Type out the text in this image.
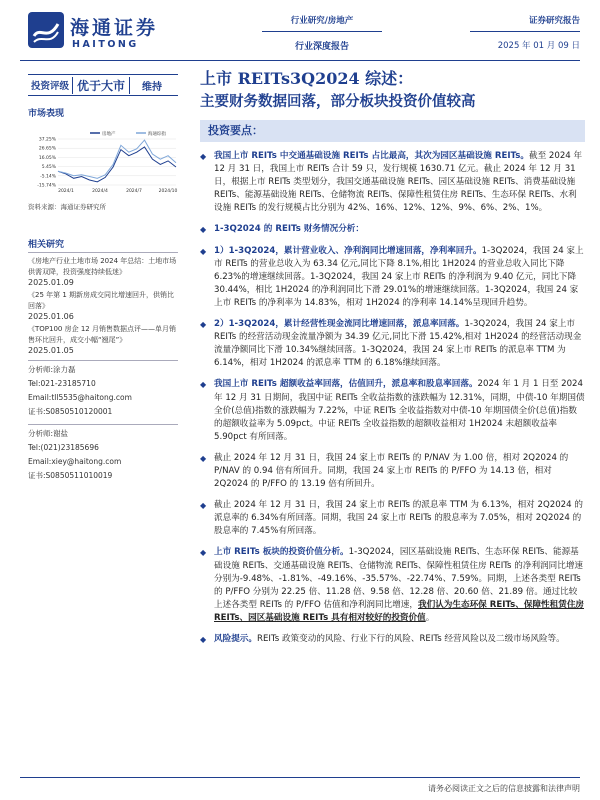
海通证券
HAITONG
行业研究/房地产
行业深度报告
证券研究报告
2025 年 01 月 09 日
投资评级 优于大市	维持
市场表现
房地产	海通综指
37.25%
26.65%
16.05%
5.45%
-5.14%
-15.74%
2024/1	2024/4	2024/7	2024/10
资料来源：海通证券研究所
相关研究
《房地产行业土地市场 2024 年总结：土地市场供需双降，投资强度持续低迷》
2025.01.09
《25 年第 1 期新房成交同比增速回升，供销比回落》
2025.01.06
《TOP100 房企 12 月销售数据点评——单月销售环比回升，成交小幅“翘尾”》
2025.01.05
分析师:涂力磊
Tel:021-23185710
Email:tll5535@haitong.com
证书:S0850510120001
分析师:谢盐
Tel:(021)23185696
Email:xiey@haitong.com
证书:S0850511010019
上市 REITs3Q2024 综述：
主要财务数据回落，部分板块投资价值较高
投资要点：
◆ 我国上市 REITs 中交通基础设施 REITs 占比最高，其次为园区基础设施 REITs。截至 2024 年 12 月 31 日，我国上市 REITs 合计 59 只，发行规模 1630.71 亿元。截止 2024 年 12 月 31 日，根据上市 REITs 类型划分，我国交通基础设施 REITs、园区基础设施 REITs、消费基础设施 REITs、能源基础设施 REITs、仓储物流 REITs、保障性租赁住房 REITs、生态环保 REITs、水利设施 REITs 的发行规模占比分别为 42%、16%、12%、12%、9%、6%、2%、1%。
◆ 1-3Q2024 的 REITs 财务情况分析：
◆ 1）1-3Q2024，累计营业收入、净利润同比增速回落，净利率回升。1-3Q2024，我国 24 家上市 REITs 的营业总收入为 63.34 亿元,同比下降 8.1%,相比 1H2024 的营业总收入同比下降 6.23%的增速继续回落。1-3Q2024，我国 24 家上市 REITs 的净利润为 9.40 亿元，同比下降 30.44%，相比 1H2024 的净利润同比下滑 29.01%的增速继续回落。1-3Q2024，我国 24 家上市 REITs 的净利率为 14.83%，相对 1H2024 的净利率 14.14%呈现回升趋势。
◆ 2）1-3Q2024，累计经营性现金流同比增速回落，派息率回落。1-3Q2024，我国 24 家上市 REITs 的经营活动现金流量净额为 34.39 亿元,同比下滑 15.42%,相对 1H2024 的经营活动现金流量净额同比下滑 10.34%继续回落。1-3Q2024，我国 24 家上市 REITs 的派息率 TTM 为 6.14%，相对 1H2024 的派息率 TTM 的 6.18%继续回落。
◆ 我国上市 REITs 超额收益率回落，估值回升，派息率和股息率回落。2024 年 1 月 1 日至 2024 年 12 月 31 日期间，我国中证 REITs 全收益指数的涨跌幅为 12.31%，同期，中债-10 年期国债全价(总值)指数的涨跌幅为 7.22%，中证 REITs 全收益指数对中债-10 年期国债全价(总值)指数的超额收益率为 5.09pct。中证 REITs 全收益指数的超额收益相对 1H2024 末超额收益率 5.90pct 有所回落。
◆ 截止 2024 年 12 月 31 日，我国 24 家上市 REITs 的 P/NAV 为 1.00 倍，相对 2Q2024 的 P/NAV 的 0.94 倍有所回升。同期，我国 24 家上市 REITs 的 P/FFO 为 14.13 倍，相对 2Q2024 的 P/FFO 的 13.19 倍有所回升。
◆ 截止 2024 年 12 月 31 日，我国 24 家上市 REITs 的派息率 TTM 为 6.13%，相对 2Q2024 的派息率的 6.34%有所回落。同期，我国 24 家上市 REITs 的股息率为 7.05%，相对 2Q2024 的股息率的 7.45%有所回落。
◆ 上市 REITs 板块的投资价值分析。1-3Q2024，园区基础设施 REITs、生态环保 REITs、能源基础设施 REITs、交通基础设施 REITs、仓储物流 REITs、保障性租赁住房 REITs 的净利润同比增速分别为-9.48%、-1.81%、-49.16%、-35.57%、-22.74%、7.59%。同期，上述各类型 REITs 的 P/FFO 分别为 22.25 倍、11.28 倍、9.58 倍、12.28 倍、20.60 倍、21.89 倍。通过比较上述各类型 REITs 的 P/FFO 估值和净利润同比增速，我们认为生态环保 REITs、保障性租赁住房 REITs、园区基础设施 REITs 具有相对较好的投资价值。
◆ 风险提示。REITs 政策变动的风险、行业下行的风险、REITs 经营风险以及二级市场风险等。
请务必阅读正文之后的信息披露和法律声明
